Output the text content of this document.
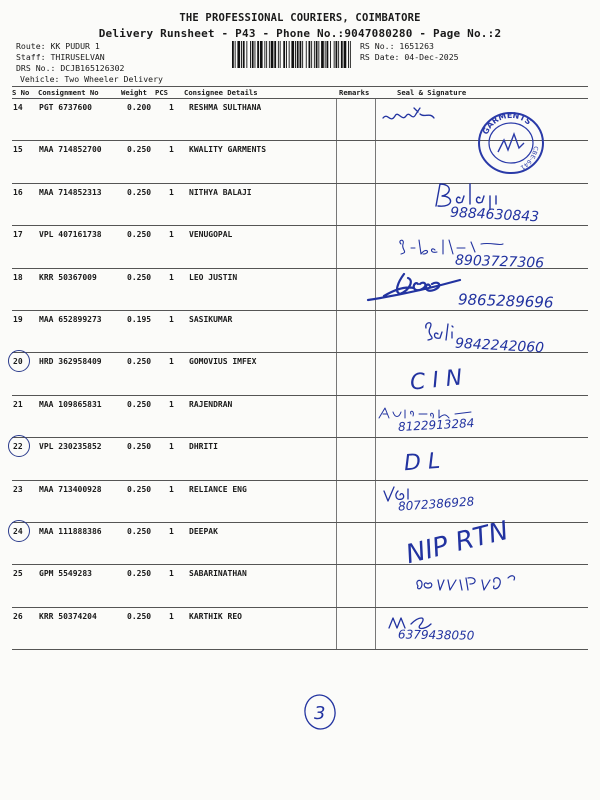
THE PROFESSIONAL COURIERS, COIMBATORE
Delivery Runsheet - P43 - Phone No.:9047080280 - Page No.:2
Route: KK PUDUR 1
Staff: THIRUSELVAN
DRS No.: DCJB165126302
Vehicle: Two Wheeler Delivery
RS No.: 1651263
RS Date: 04-Dec-2025
S No Consignment No	Weight PCS Consignee Details	Remarks	Seal & Signature
14 PGT 6737600	0.200 1 RESHMA SULTHANA
15 MAA 714852700	0.250 1 KWALITY GARMENTS
16 MAA 714852313	0.250 1 NITHYA BALAJI
17 VPL 407161738	0.250 1 VENUGOPAL
18 KRR 50367009	0.250 1 LEO JUSTIN
19 MAA 652899273	0.195 1 SASIKUMAR
20 HRD 362958409	0.250 1 GOMOVIUS IMFEX
21 MAA 109865831	0.250 1 RAJENDRAN
22 VPL 230235852	0.250 1 DHRITI
23 MAA 713400928	0.250 1 RELIANCE ENG
24 MAA 111888386	0.250 1 DEEPAK
25 GPM 5549283	0.250 1 SABARINATHAN
26 KRR 50374204	0.250 1 KARTHIK REO
GARMENTS
CBE-641
3
9884630843
8903727306
9865289696
9842242060
C I N
8122913284
D L
8072386928
NIP RTN
6379438050
